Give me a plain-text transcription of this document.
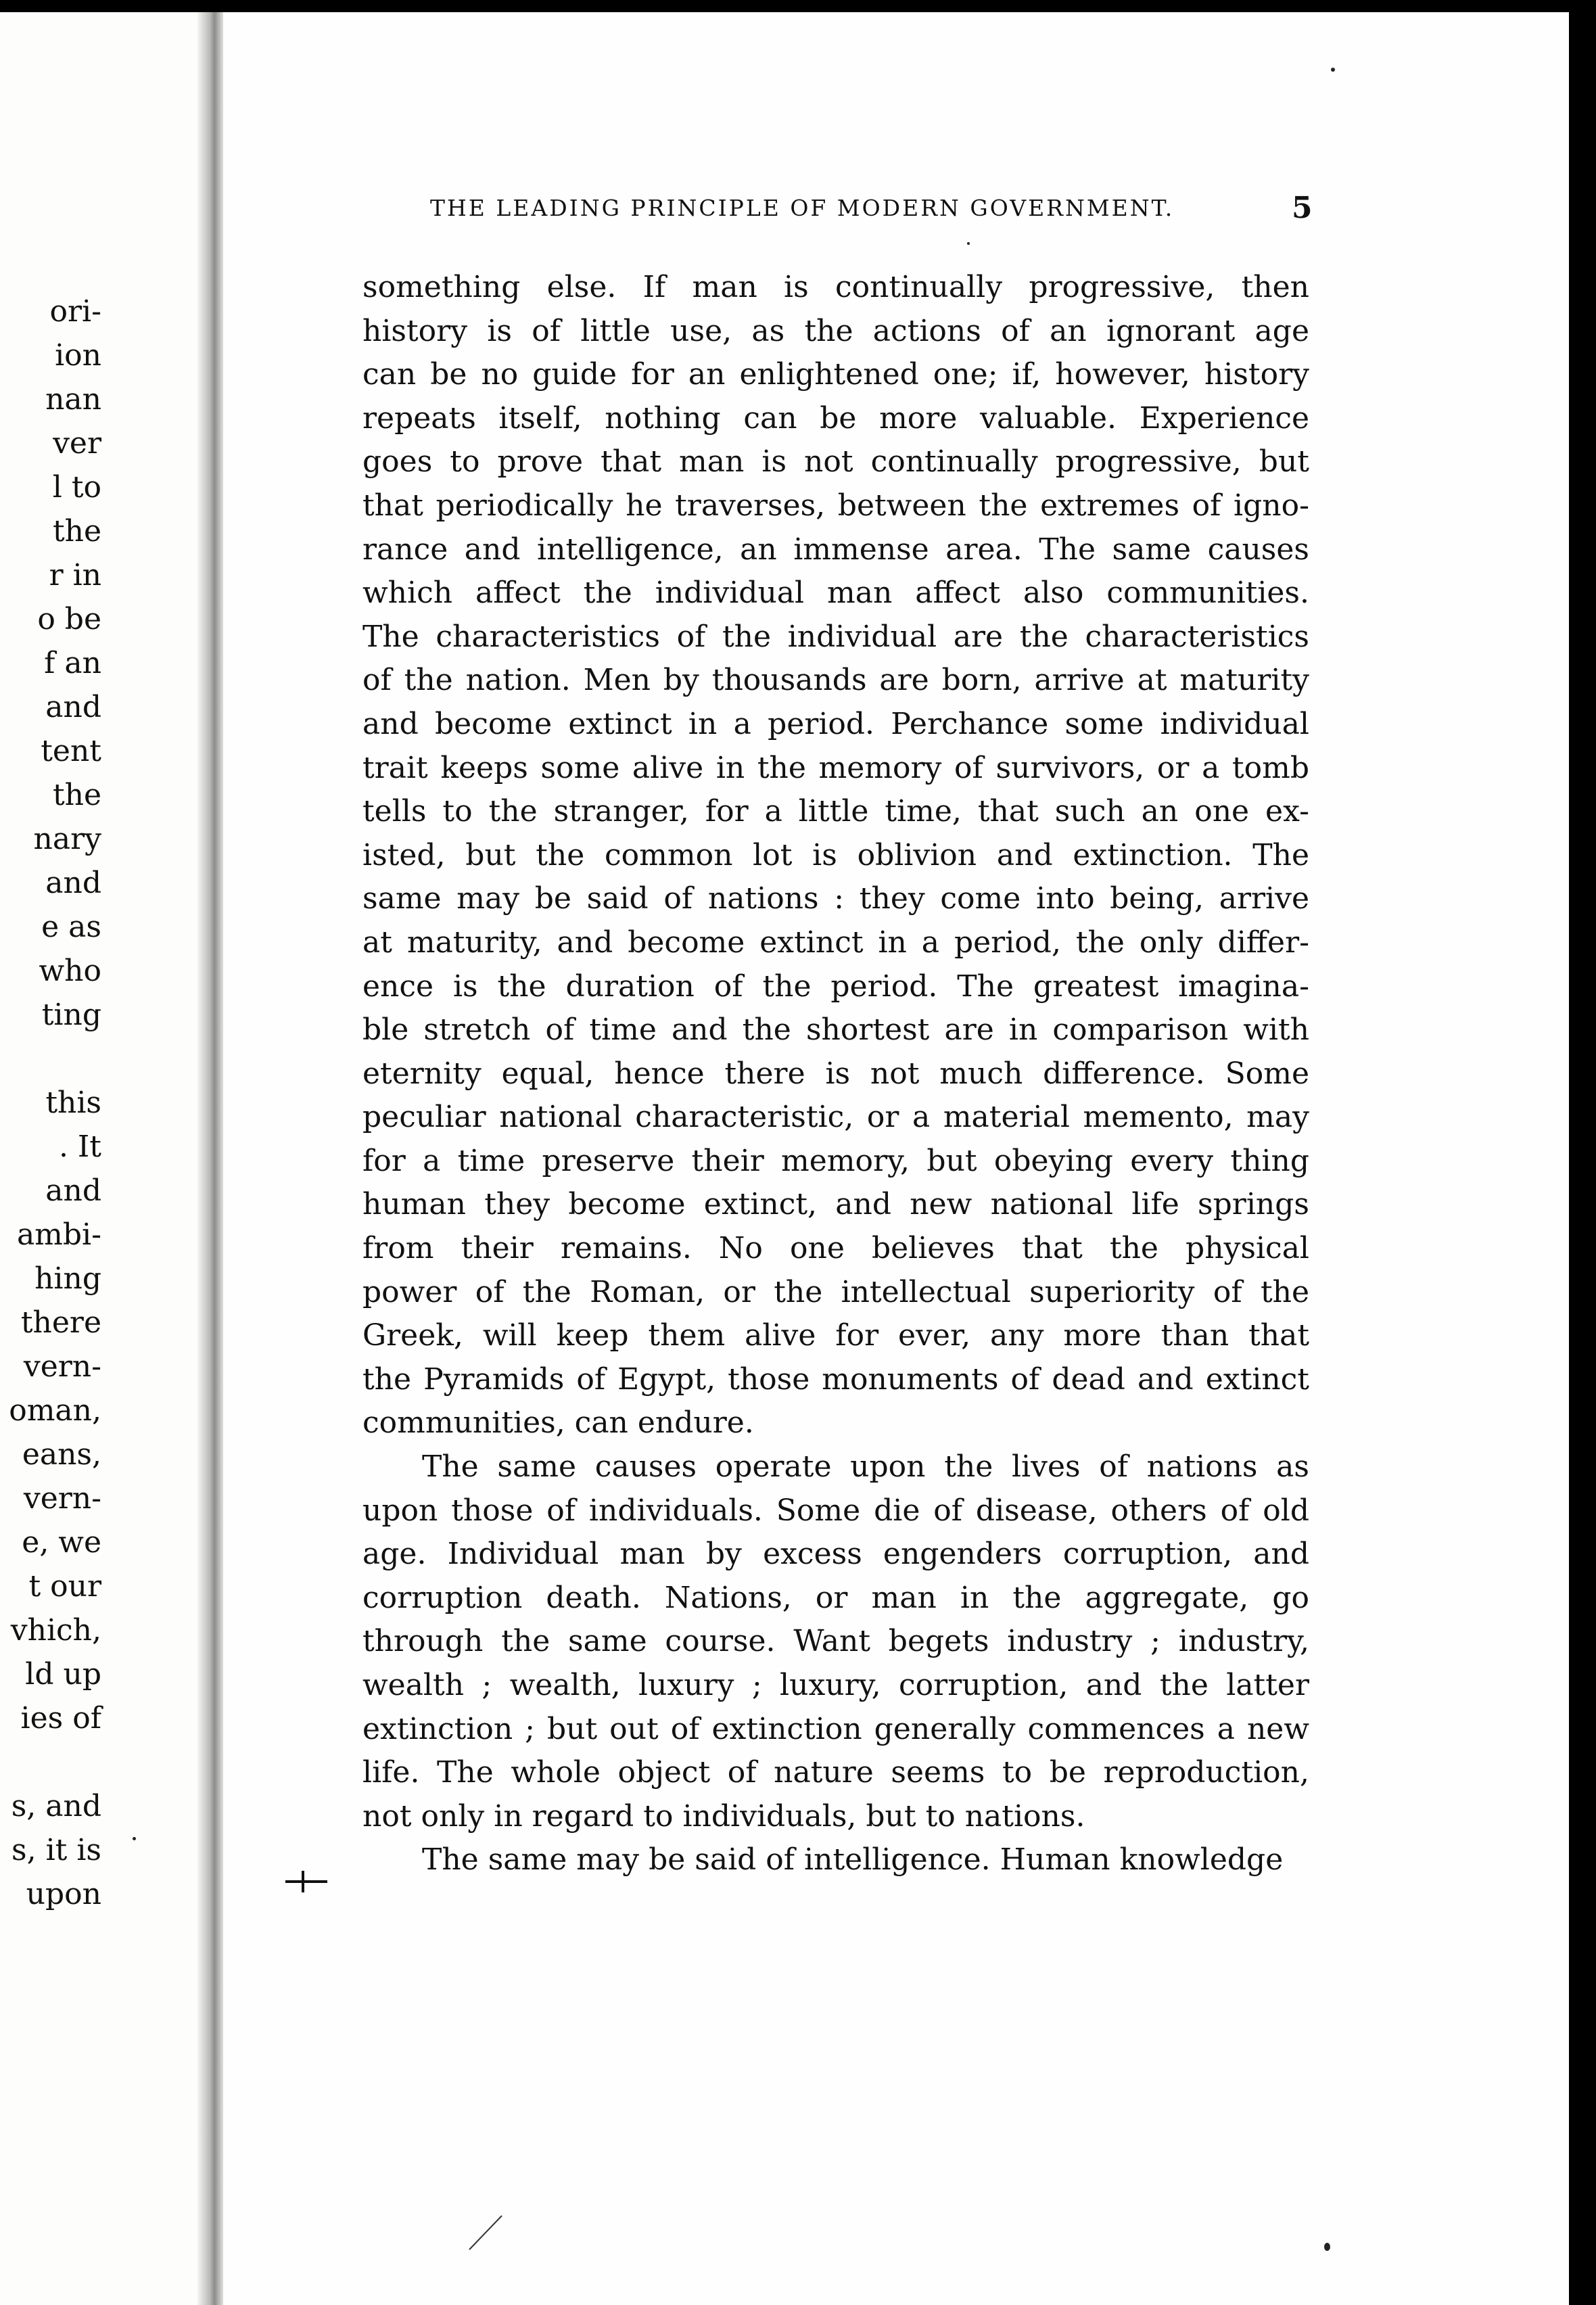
ori-
ion
nan
ver
l to
the
r in
o be
f an
and
tent
the
nary
and
e as
who
ting
this
. It
and
ambi-
hing
there
vern-
oman,
eans,
vern-
e, we
t our
vhich,
ld up
ies of
s, and
s, it is
upon
THE LEADING PRINCIPLE OF MODERN GOVERNMENT.	5
something else. If man is continually progressive, then
history is of little use, as the actions of an ignorant age
can be no guide for an enlightened one; if, however, history
repeats itself, nothing can be more valuable. Experience
goes to prove that man is not continually progressive, but
that periodically he traverses, between the extremes of igno-
rance and intelligence, an immense area. The same causes
which affect the individual man affect also communities.
The characteristics of the individual are the characteristics
of the nation. Men by thousands are born, arrive at maturity
and become extinct in a period. Perchance some individual
trait keeps some alive in the memory of survivors, or a tomb
tells to the stranger, for a little time, that such an one ex-
isted, but the common lot is oblivion and extinction. The
same may be said of nations : they come into being, arrive
at maturity, and become extinct in a period, the only differ-
ence is the duration of the period. The greatest imagina-
ble stretch of time and the shortest are in comparison with
eternity equal, hence there is not much difference. Some
peculiar national characteristic, or a material memento, may
for a time preserve their memory, but obeying every thing
human they become extinct, and new national life springs
from their remains. No one believes that the physical
power of the Roman, or the intellectual superiority of the
Greek, will keep them alive for ever, any more than that
the Pyramids of Egypt, those monuments of dead and extinct
communities, can endure.
The same causes operate upon the lives of nations as
upon those of individuals. Some die of disease, others of old
age. Individual man by excess engenders corruption, and
corruption death. Nations, or man in the aggregate, go
through the same course. Want begets industry ; industry,
wealth ; wealth, luxury ; luxury, corruption, and the latter
extinction ; but out of extinction generally commences a new
life. The whole object of nature seems to be reproduction,
not only in regard to individuals, but to nations.
The same may be said of intelligence. Human knowledge
